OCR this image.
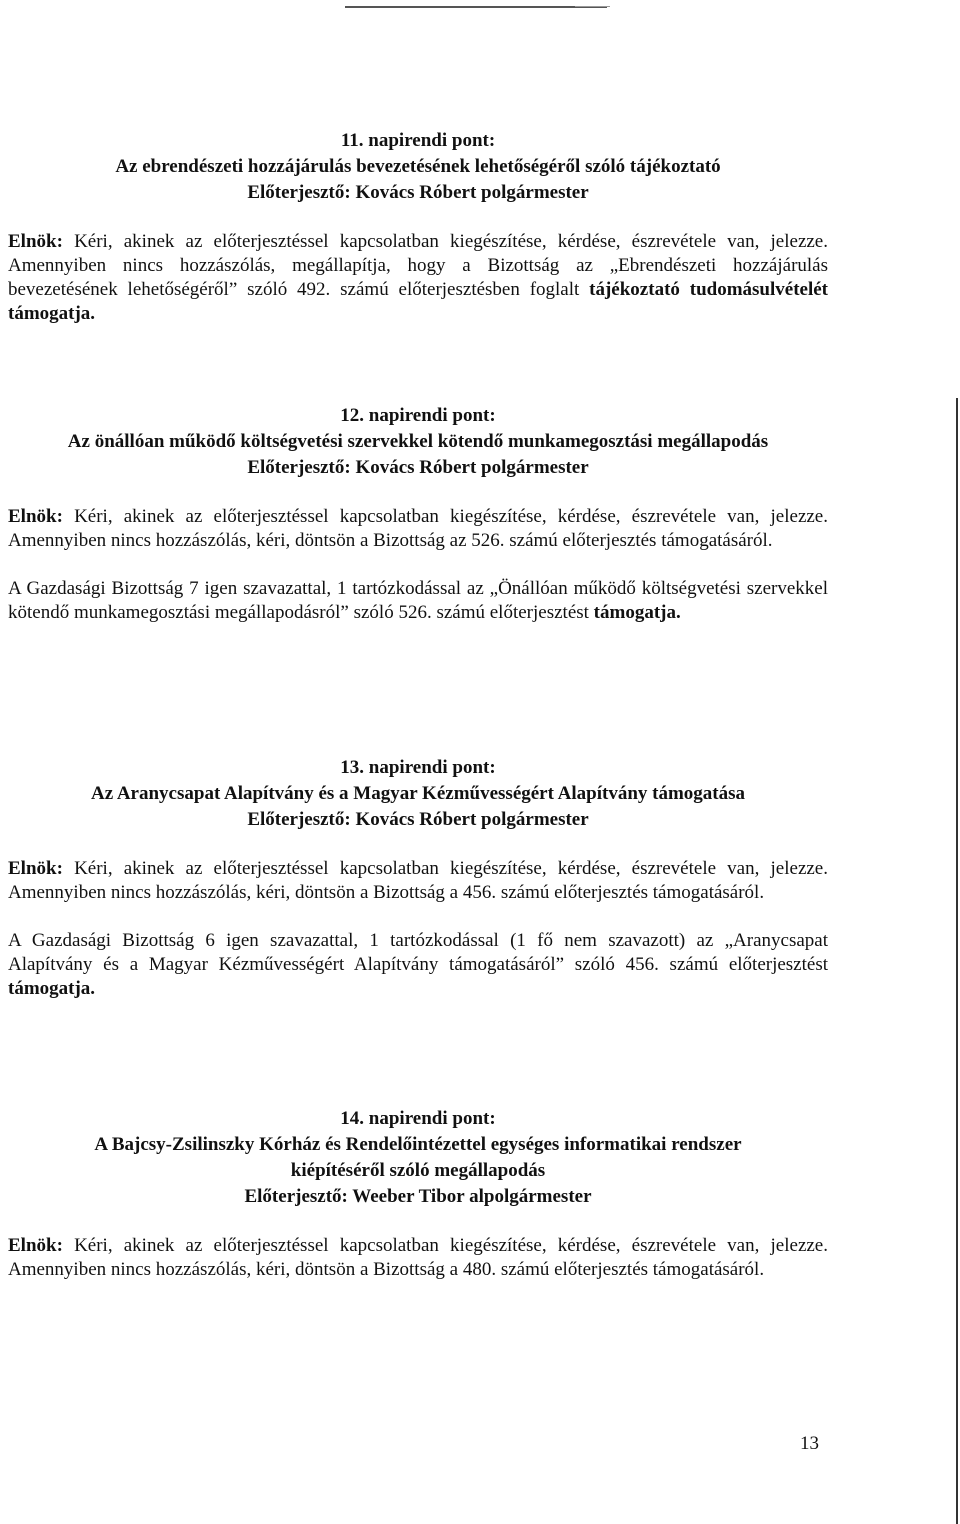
11. napirendi pont:
Az ebrendészeti hozzájárulás bevezetésének lehetőségéről szóló tájékoztató
Előterjesztő: Kovács Róbert polgármester

Elnök: Kéri, akinek az előterjesztéssel kapcsolatban kiegészítése, kérdése, észrevétele van, jelezze. Amennyiben nincs hozzászólás, megállapítja, hogy a Bizottság az „Ebrendészeti hozzájárulás bevezetésének lehetőségéről” szóló 492. számú előterjesztésben foglalt tájékoztató tudomásulvételét támogatja.

12. napirendi pont:
Az önállóan működő költségvetési szervekkel kötendő munkamegosztási megállapodás
Előterjesztő: Kovács Róbert polgármester

Elnök: Kéri, akinek az előterjesztéssel kapcsolatban kiegészítése, kérdése, észrevétele van, jelezze. Amennyiben nincs hozzászólás, kéri, döntsön a Bizottság az 526. számú előterjesztés támogatásáról.

A Gazdasági Bizottság 7 igen szavazattal, 1 tartózkodással az „Önállóan működő költségvetési szervekkel kötendő munkamegosztási megállapodásról” szóló 526. számú előterjesztést támogatja.

13. napirendi pont:
Az Aranycsapat Alapítvány és a Magyar Kézművességért Alapítvány támogatása
Előterjesztő: Kovács Róbert polgármester

Elnök: Kéri, akinek az előterjesztéssel kapcsolatban kiegészítése, kérdése, észrevétele van, jelezze. Amennyiben nincs hozzászólás, kéri, döntsön a Bizottság a 456. számú előterjesztés támogatásáról.

A Gazdasági Bizottság 6 igen szavazattal, 1 tartózkodással (1 fő nem szavazott) az „Aranycsapat Alapítvány és a Magyar Kézművességért Alapítvány támogatásáról” szóló 456. számú előterjesztést támogatja.

14. napirendi pont:
A Bajcsy-Zsilinszky Kórház és Rendelőintézettel egységes informatikai rendszer
kiépítéséről szóló megállapodás
Előterjesztő: Weeber Tibor alpolgármester

Elnök: Kéri, akinek az előterjesztéssel kapcsolatban kiegészítése, kérdése, észrevétele van, jelezze. Amennyiben nincs hozzászólás, kéri, döntsön a Bizottság a 480. számú előterjesztés támogatásáról.

13
